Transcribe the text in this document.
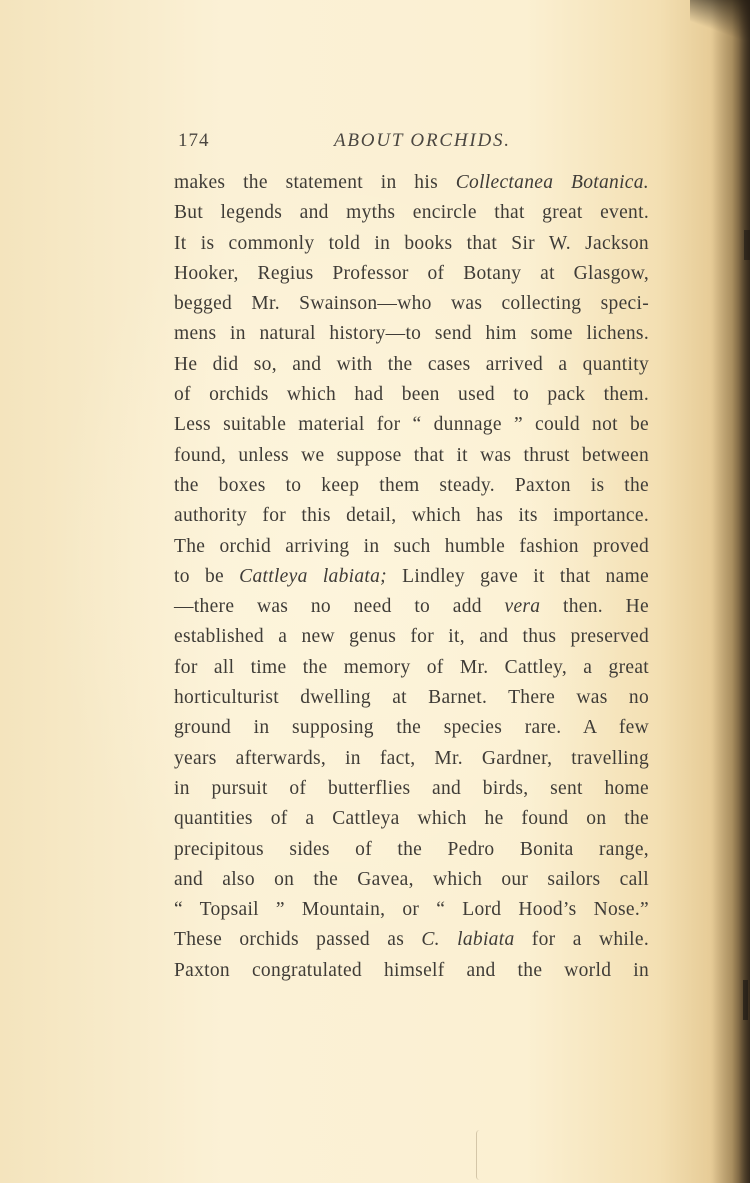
174	ABOUT ORCHIDS.
makes the statement in his Collectanea Botanica.
But legends and myths encircle that great event.
It is commonly told in books that Sir W. Jackson
Hooker, Regius Professor of Botany at Glasgow,
begged Mr. Swainson—who was collecting speci-
mens in natural history—to send him some lichens.
He did so, and with the cases arrived a quantity
of orchids which had been used to pack them.
Less suitable material for “ dunnage ” could not be
found, unless we suppose that it was thrust between
the boxes to keep them steady. Paxton is the
authority for this detail, which has its importance.
The orchid arriving in such humble fashion proved
to be Cattleya labiata; Lindley gave it that name
—there was no need to add vera then. He
established a new genus for it, and thus preserved
for all time the memory of Mr. Cattley, a great
horticulturist dwelling at Barnet. There was no
ground in supposing the species rare. A few
years afterwards, in fact, Mr. Gardner, travelling
in pursuit of butterflies and birds, sent home
quantities of a Cattleya which he found on the
precipitous sides of the Pedro Bonita range,
and also on the Gavea, which our sailors call
“ Topsail ” Mountain, or “ Lord Hood’s Nose.”
These orchids passed as C. labiata for a while.
Paxton congratulated himself and the world in
